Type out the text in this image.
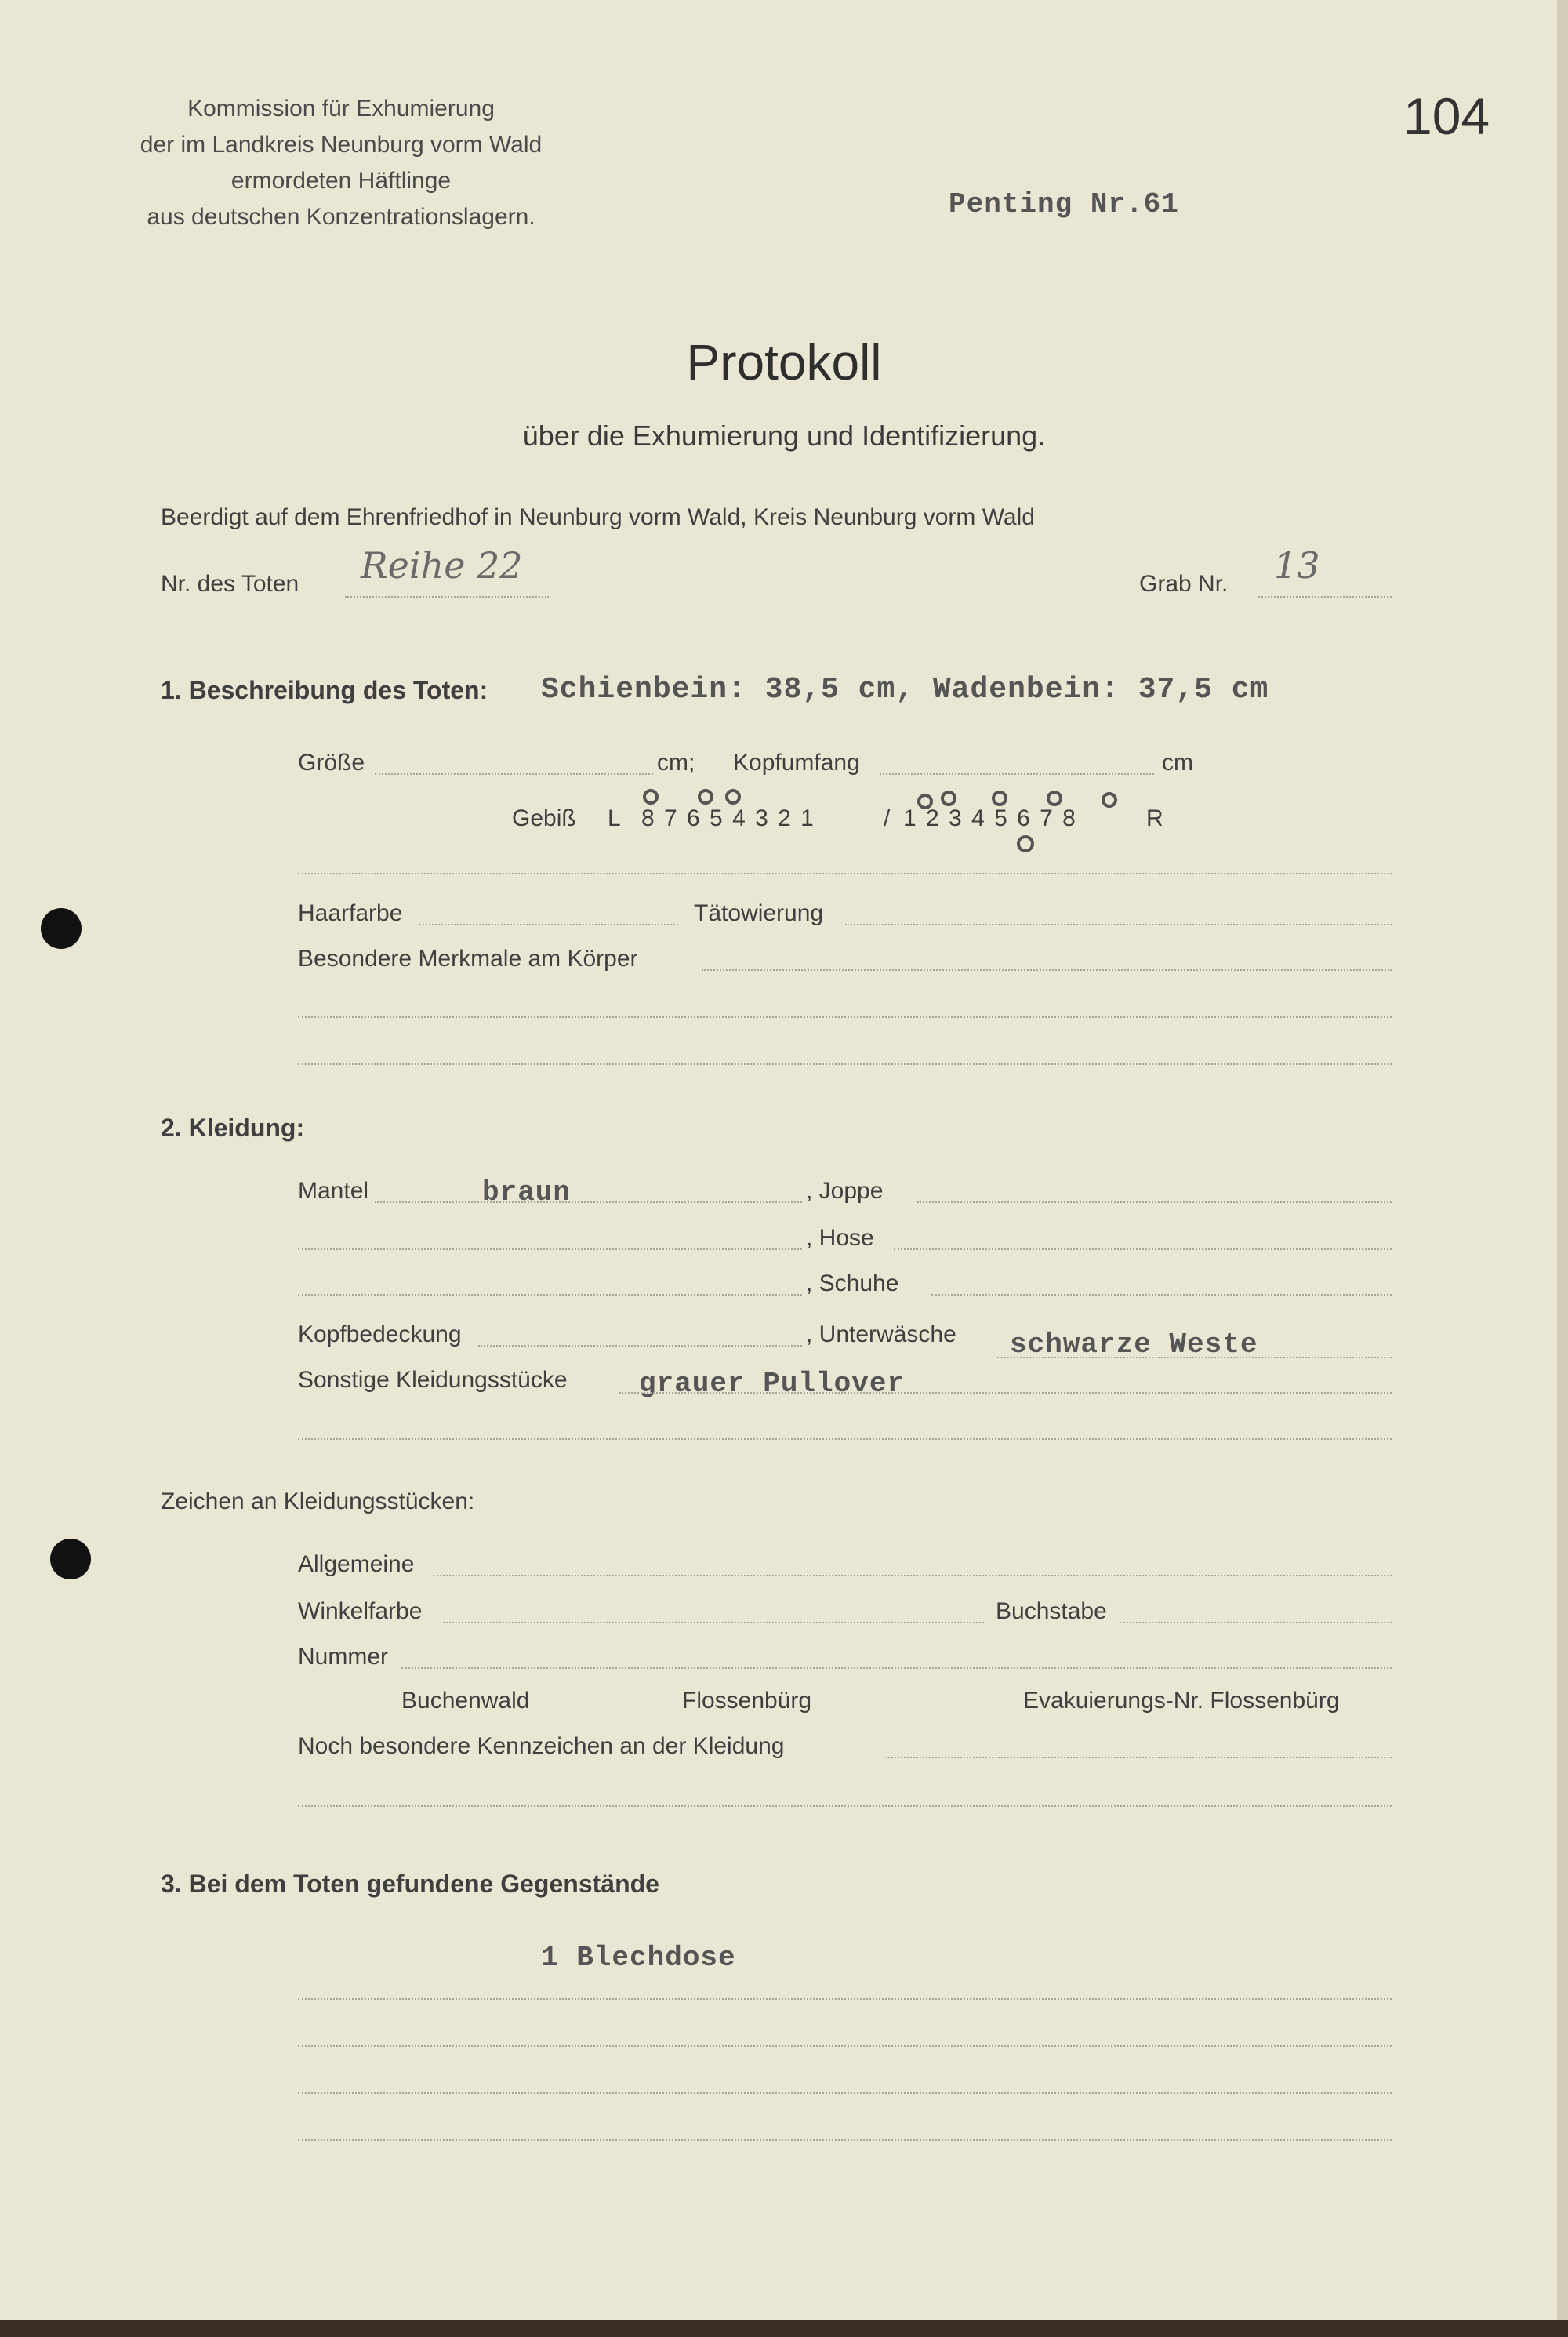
Kommission für Exhumierung
der im Landkreis Neunburg vorm Wald
ermordeten Häftlinge
aus deutschen Konzentrationslagern.
104
Penting Nr.61
Protokoll
über die Exhumierung und Identifizierung.
Beerdigt auf dem Ehrenfriedhof in Neunburg vorm Wald, Kreis Neunburg vorm Wald
Nr. des Toten Reihe 22	Grab Nr. 13
1. Beschreibung des Toten: Schienbein: 38,5 cm, Wadenbein: 37,5 cm
Größe	cm; Kopfumfang	cm
Gebiß L 8 7 6 5 4 3 2 1	/ 1 2 3 4 5 6 7 8	R
Haarfarbe	Tätowierung
Besondere Merkmale am Körper
2. Kleidung:
Mantel	braun	, Joppe
, Hose
, Schuhe
Kopfbedeckung	, Unterwäsche schwarze Weste
Sonstige Kleidungsstücke	grauer Pullover
Zeichen an Kleidungsstücken:
Allgemeine
Winkelfarbe	Buchstabe
Nummer
Buchenwald	Flossenbürg	Evakuierungs-Nr. Flossenbürg
Noch besondere Kennzeichen an der Kleidung
3. Bei dem Toten gefundene Gegenstände
1 Blechdose
